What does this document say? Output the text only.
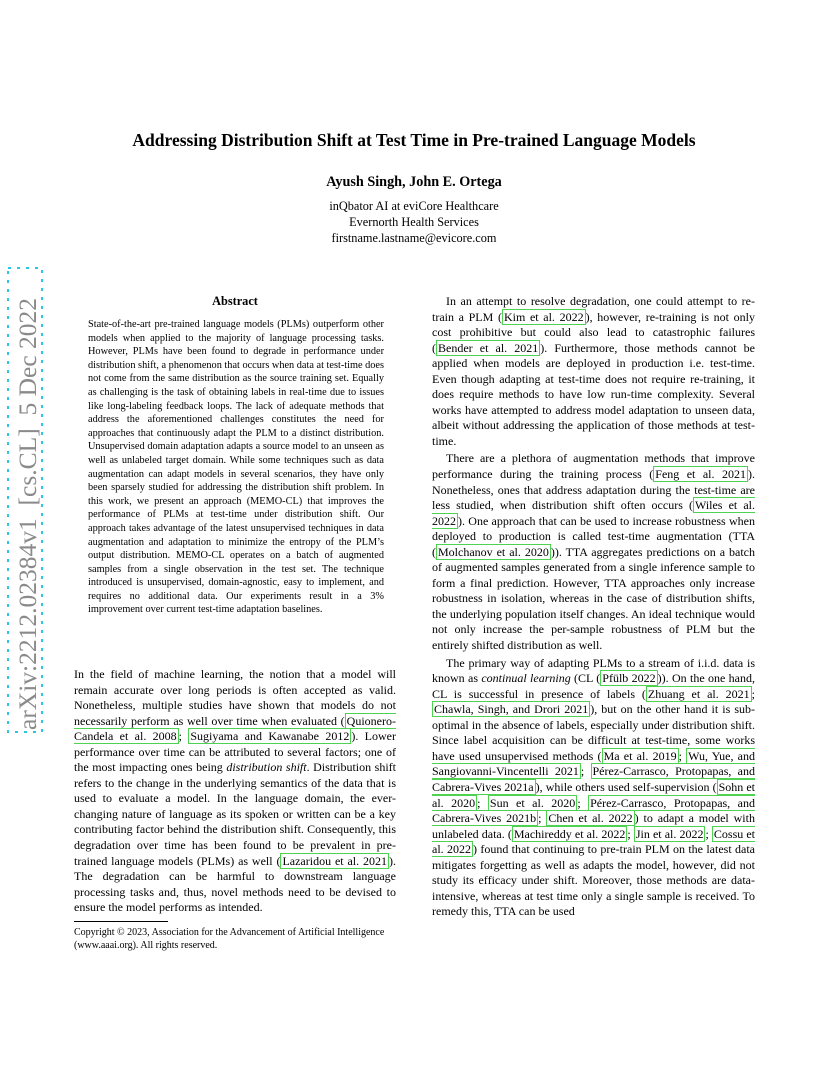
Addressing Distribution Shift at Test Time in Pre-trained Language Models
Ayush Singh, John E. Ortega
inQbator AI at eviCore Healthcare
Evernorth Health Services
firstname.lastname@evicore.com
arXiv:2212.02384v1  [cs.CL]  5 Dec 2022	Abstract
State-of-the-art pre-trained language models (PLMs) outperform other models when applied to the majority of language processing tasks. However, PLMs have been found to degrade in performance under distribution shift, a phenomenon that occurs when data at test-time does not come from the same distribution as the source training set. Equally as challenging is the task of obtaining labels in real-time due to issues like long-labeling feedback loops. The lack of adequate methods that address the aforementioned challenges constitutes the need for approaches that continuously adapt the PLM to a distinct distribution. Unsupervised domain adaptation adapts a source model to an unseen as well as unlabeled target domain. While some techniques such as data augmentation can adapt models in several scenarios, they have only been sparsely studied for addressing the distribution shift problem. In this work, we present an approach (MEMO-CL) that improves the performance of PLMs at test-time under distribution shift. Our approach takes advantage of the latest unsupervised techniques in data augmentation and adaptation to minimize the entropy of the PLM’s output distribution. MEMO-CL operates on a batch of augmented samples from a single observation in the test set. The technique introduced is unsupervised, domain-agnostic, easy to implement, and requires no additional data. Our experiments result in a 3% improvement over current test-time adaptation baselines.

In the field of machine learning, the notion that a model will remain accurate over long periods is often accepted as valid. Nonetheless, multiple studies have shown that models do not necessarily perform as well over time when evaluated ( Quionero-Candela et al. 2008 ; Sugiyama and Kawanabe 2012 ). Lower performance over time can be attributed to several factors; one of the most impacting ones being distribution shift. Distribution shift refers to the change in the underlying semantics of the data that is used to evaluate a model. In the language domain, the ever-changing nature of language as its spoken or written can be a key contributing factor behind the distribution shift. Consequently, this degradation over time has been found to be prevalent in pre-trained language models (PLMs) as well ( Lazaridou et al. 2021 ). The degradation can be harmful to downstream language processing tasks and, thus, novel methods need to be devised to ensure the model performs as intended.

Copyright © 2023, Association for the Advancement of Artificial Intelligence (www.aaai.org). All rights reserved.

In an attempt to resolve degradation, one could attempt to re-train a PLM ( Kim et al. 2022 ), however, re-training is not only cost prohibitive but could also lead to catastrophic failures ( Bender et al. 2021 ). Furthermore, those methods cannot be applied when models are deployed in production i.e. test-time. Even though adapting at test-time does not require re-training, it does require methods to have low run-time complexity. Several works have attempted to address model adaptation to unseen data, albeit without addressing the application of those methods at test-time.

There are a plethora of augmentation methods that improve performance during the training process ( Feng et al. 2021 ). Nonetheless, ones that address adaptation during the test-time are less studied, when distribution shift often occurs ( Wiles et al. 2022 ). One approach that can be used to increase robustness when deployed to production is called test-time augmentation (TTA ( Molchanov et al. 2020 )). TTA aggregates predictions on a batch of augmented samples generated from a single inference sample to form a final prediction. However, TTA approaches only increase robustness in isolation, whereas in the case of distribution shifts, the underlying population itself changes. An ideal technique would not only increase the per-sample robustness of PLM but the entirely shifted distribution as well.

The primary way of adapting PLMs to a stream of i.i.d. data is known as continual learning (CL ( Pfülb 2022 )). On the one hand, CL is successful in presence of labels ( Zhuang et al. 2021 ; Chawla, Singh, and Drori 2021 ), but on the other hand it is sub-optimal in the absence of labels, especially under distribution shift. Since label acquisition can be difficult at test-time, some works have used unsupervised methods ( Ma et al. 2019 ; Wu, Yue, and Sangiovanni-Vincentelli 2021 ; Pérez-Carrasco, Protopapas, and Cabrera-Vives 2021a ), while others used self-supervision ( Sohn et al. 2020 ; Sun et al. 2020 ; Pérez-Carrasco, Protopapas, and Cabrera-Vives 2021b ; Chen et al. 2022 ) to adapt a model with unlabeled data. ( Machireddy et al. 2022 ; Jin et al. 2022 ; Cossu et al. 2022 ) found that continuing to pre-train PLM on the latest data mitigates forgetting as well as adapts the model, however, did not study its efficacy under shift. Moreover, those methods are data-intensive, whereas at test time only a single sample is received. To remedy this, TTA can be used
